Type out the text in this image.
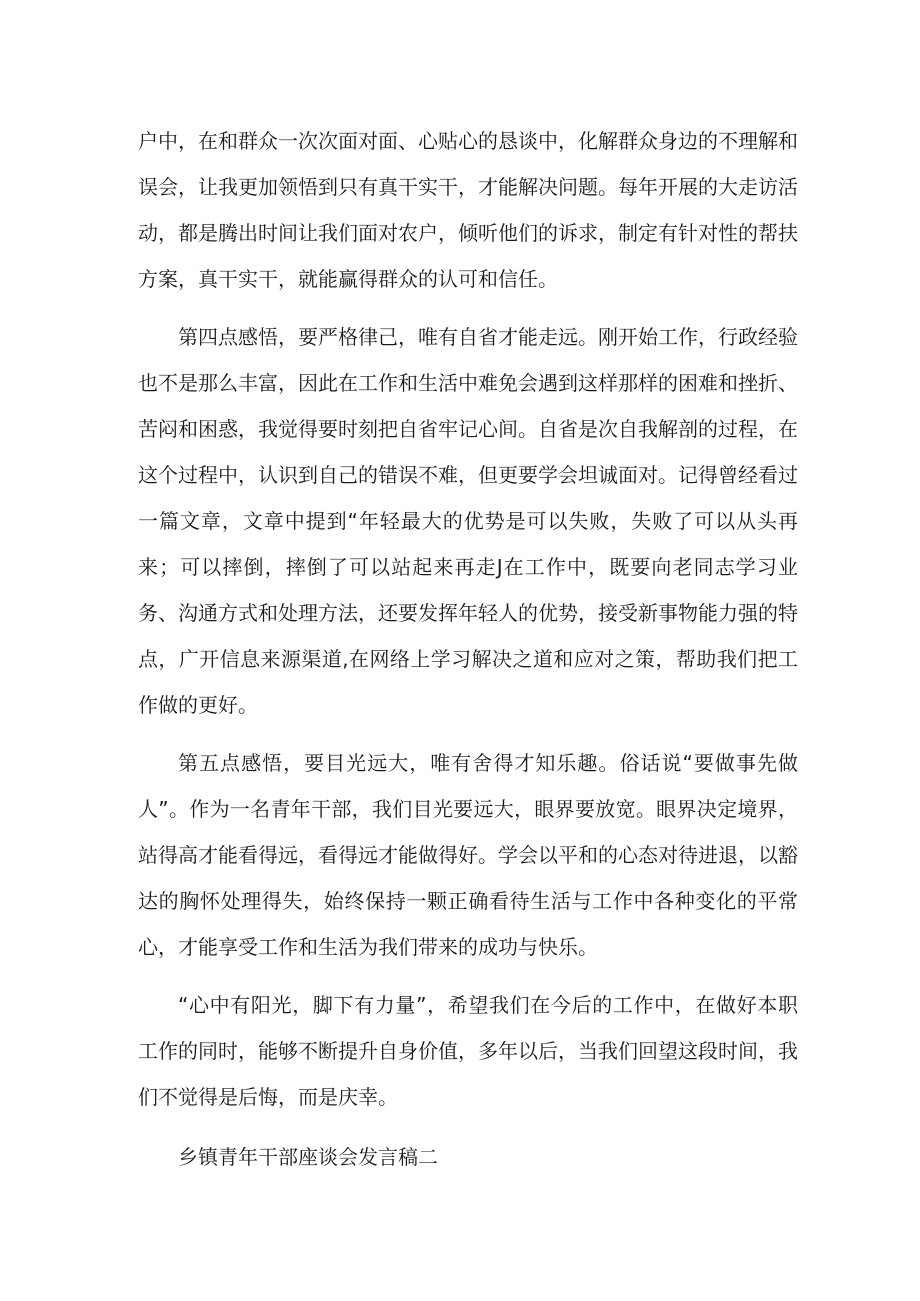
户中，在和群众一次次面对面、心贴心的恳谈中，化解群众身边的不理解和误会，让我更加领悟到只有真干实干，才能解决问题。每年开展的大走访活动，都是腾出时间让我们面对农户，倾听他们的诉求，制定有针对性的帮扶方案，真干实干，就能赢得群众的认可和信任。

第四点感悟，要严格律己，唯有自省才能走远。刚开始工作，行政经验也不是那么丰富，因此在工作和生活中难免会遇到这样那样的困难和挫折、苦闷和困惑，我觉得要时刻把自省牢记心间。自省是次自我解剖的过程，在这个过程中，认识到自己的错误不难，但更要学会坦诚面对。记得曾经看过一篇文章，文章中提到“年轻最大的优势是可以失败，失败了可以从头再来；可以摔倒，摔倒了可以站起来再走J在工作中，既要向老同志学习业务、沟通方式和处理方法，还要发挥年轻人的优势，接受新事物能力强的特点，广开信息来源渠道,在网络上学习解决之道和应对之策，帮助我们把工作做的更好。

第五点感悟，要目光远大，唯有舍得才知乐趣。俗话说“要做事先做人”。作为一名青年干部，我们目光要远大，眼界要放宽。眼界决定境界，站得高才能看得远，看得远才能做得好。学会以平和的心态对待进退，以豁达的胸怀处理得失，始终保持一颗正确看待生活与工作中各种变化的平常心，才能享受工作和生活为我们带来的成功与快乐。

“心中有阳光，脚下有力量”，希望我们在今后的工作中，在做好本职工作的同时，能够不断提升自身价值，多年以后，当我们回望这段时间，我们不觉得是后悔，而是庆幸。

乡镇青年干部座谈会发言稿二
